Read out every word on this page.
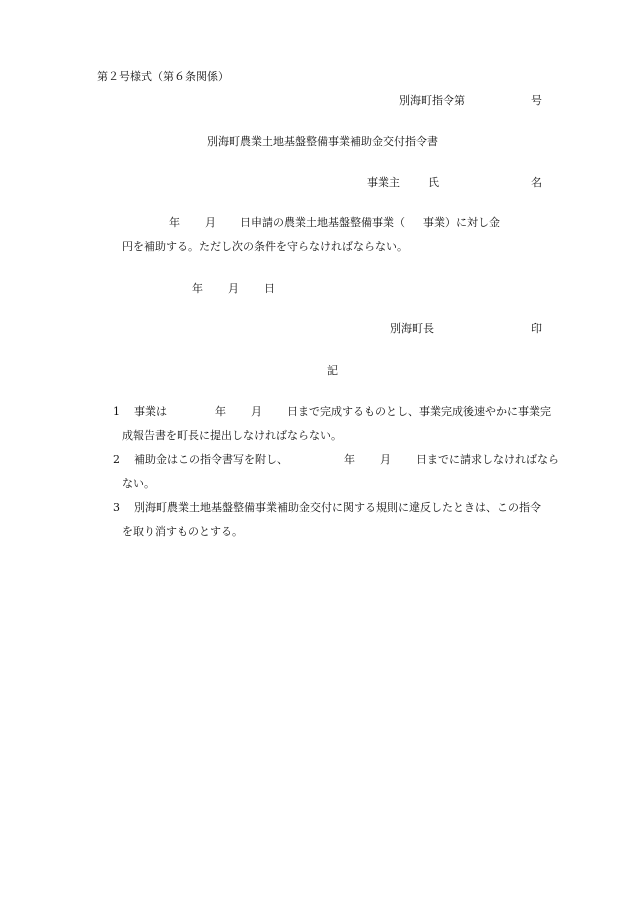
第２号様式（第６条関係）
別海町指令第	号
別海町農業土地基盤整備事業補助金交付指令書
事業主	氏	名
年 月 日申請の農業土地基盤整備事業（ 事業）に対し金
円を補助する。ただし次の条件を守らなければならない。
年 月 日
別海町長	印
記
1 事業は	年 月 日まで完成するものとし、事業完成後速やかに事業完
成報告書を町長に提出しなければならない。
2 補助金はこの指令書写を附し、	年 月 日までに請求しなければなら
ない。
3 別海町農業土地基盤整備事業補助金交付に関する規則に違反したときは、この指令
を取り消すものとする。
